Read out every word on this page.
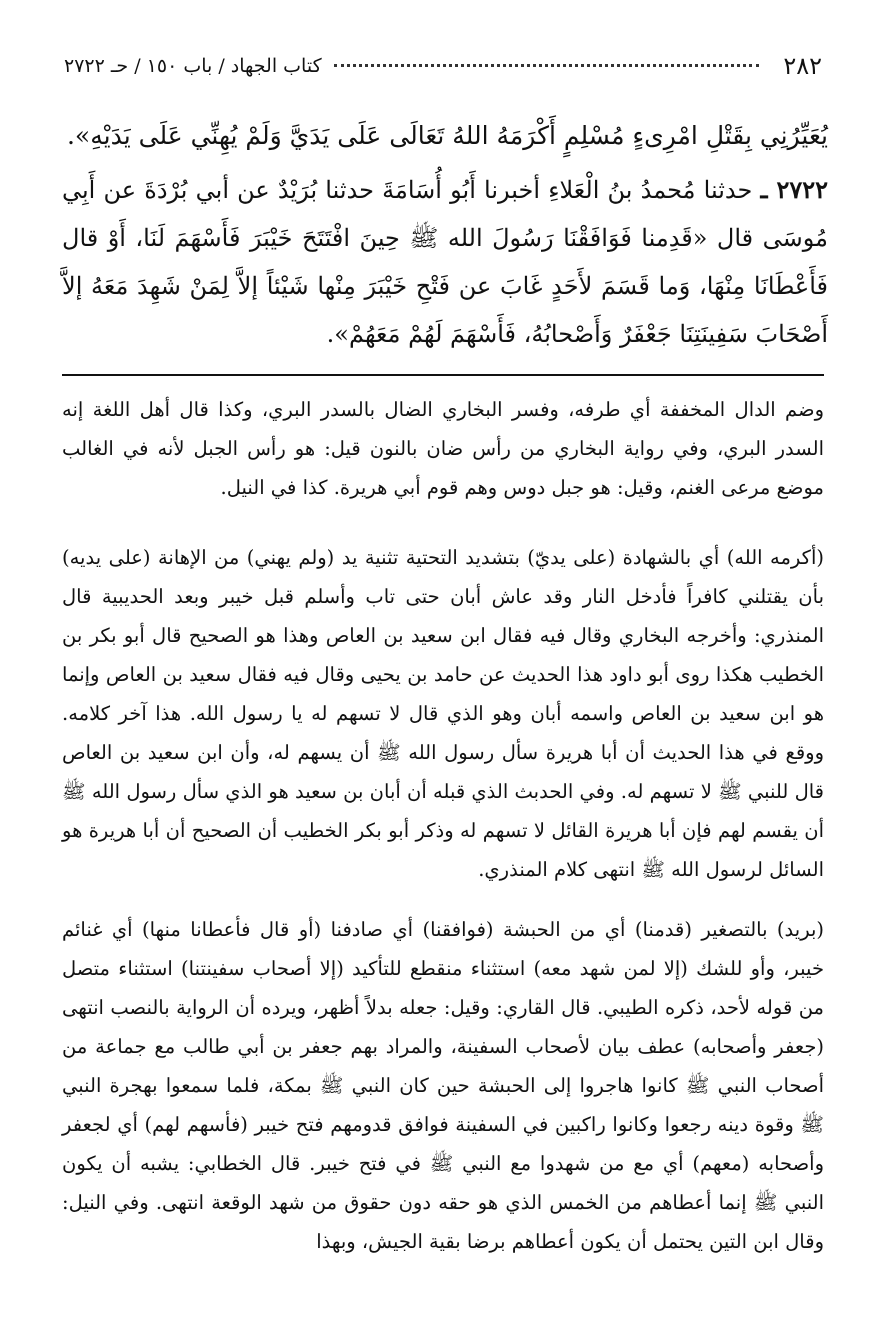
٢٨٢
كتاب الجهاد / باب ١٥٠ / حـ ٢٧٢٢

يُعَيِّرُنِي بِقَتْلِ امْرِىءٍ مُسْلِمٍ أَكْرَمَهُ اللهُ تَعَالَى عَلَى يَدَيَّ وَلَمْ يُهِنِّي عَلَى يَدَيْهِ».

٢٧٢٢ ـ حدثنا مُحمدُ بنُ الْعَلاءِ أخبرنا أَبُو أُسَامَةَ حدثنا بُرَيْدٌ عن أبي بُرْدَةَ عن أَبِي مُوسَى قال «قَدِمنا فَوَافَقْنَا رَسُولَ الله ﷺ حِينَ افْتَتَحَ خَيْبَرَ فَأَسْهَمَ لَنَا، أَوْ قال فَأَعْطَانَا مِنْهَا، وَما قَسَمَ لأَحَدٍ غَابَ عن فَتْحِ خَيْبَرَ مِنْها شَيْئاً إلاَّ لِمَنْ شَهِدَ مَعَهُ إلاَّ أَصْحَابَ سَفِينَتِنَا جَعْفَرٌ وَأَصْحابُهُ، فَأَسْهَمَ لَهُمْ مَعَهُمْ».

وضم الدال المخففة أي طرفه، وفسر البخاري الضال بالسدر البري، وكذا قال أهل اللغة إنه السدر البري، وفي رواية البخاري من رأس ضان بالنون قيل: هو رأس الجبل لأنه في الغالب موضع مرعى الغنم، وقيل: هو جبل دوس وهم قوم أبي هريرة. كذا في النيل.

(أكرمه الله) أي بالشهادة (على يديّ) بتشديد التحتية تثنية يد (ولم يهني) من الإهانة (على يديه) بأن يقتلني كافراً فأدخل النار وقد عاش أبان حتى تاب وأسلم قبل خيبر وبعد الحديبية قال المنذري: وأخرجه البخاري وقال فيه فقال ابن سعيد بن العاص وهذا هو الصحيح قال أبو بكر بن الخطيب هكذا روى أبو داود هذا الحديث عن حامد بن يحيى وقال فيه فقال سعيد بن العاص وإنما هو ابن سعيد بن العاص واسمه أبان وهو الذي قال لا تسهم له يا رسول الله. هذا آخر كلامه. ووقع في هذا الحديث أن أبا هريرة سأل رسول الله ﷺ أن يسهم له، وأن ابن سعيد بن العاص قال للنبي ﷺ لا تسهم له. وفي الحدبث الذي قبله أن أبان بن سعيد هو الذي سأل رسول الله ﷺ أن يقسم لهم فإن أبا هريرة القائل لا تسهم له وذكر أبو بكر الخطيب أن الصحيح أن أبا هريرة هو السائل لرسول الله ﷺ انتهى كلام المنذري.

(بريد) بالتصغير (قدمنا) أي من الحبشة (فوافقنا) أي صادفنا (أو قال فأعطانا منها) أي غنائم خيبر، وأو للشك (إلا لمن شهد معه) استثناء منقطع للتأكيد (إلا أصحاب سفينتنا) استثناء متصل من قوله لأحد، ذكره الطيبي. قال القاري: وقيل: جعله بدلاً أظهر، ويرده أن الرواية بالنصب انتهى (جعفر وأصحابه) عطف بيان لأصحاب السفينة، والمراد بهم جعفر بن أبي طالب مع جماعة من أصحاب النبي ﷺ كانوا هاجروا إلى الحبشة حين كان النبي ﷺ بمكة، فلما سمعوا بهجرة النبي ﷺ وقوة دينه رجعوا وكانوا راكبين في السفينة فوافق قدومهم فتح خيبر (فأسهم لهم) أي لجعفر وأصحابه (معهم) أي مع من شهدوا مع النبي ﷺ في فتح خيبر. قال الخطابي: يشبه أن يكون النبي ﷺ إنما أعطاهم من الخمس الذي هو حقه دون حقوق من شهد الوقعة انتهى. وفي النيل: وقال ابن التين يحتمل أن يكون أعطاهم برضا بقية الجيش، وبهذا
